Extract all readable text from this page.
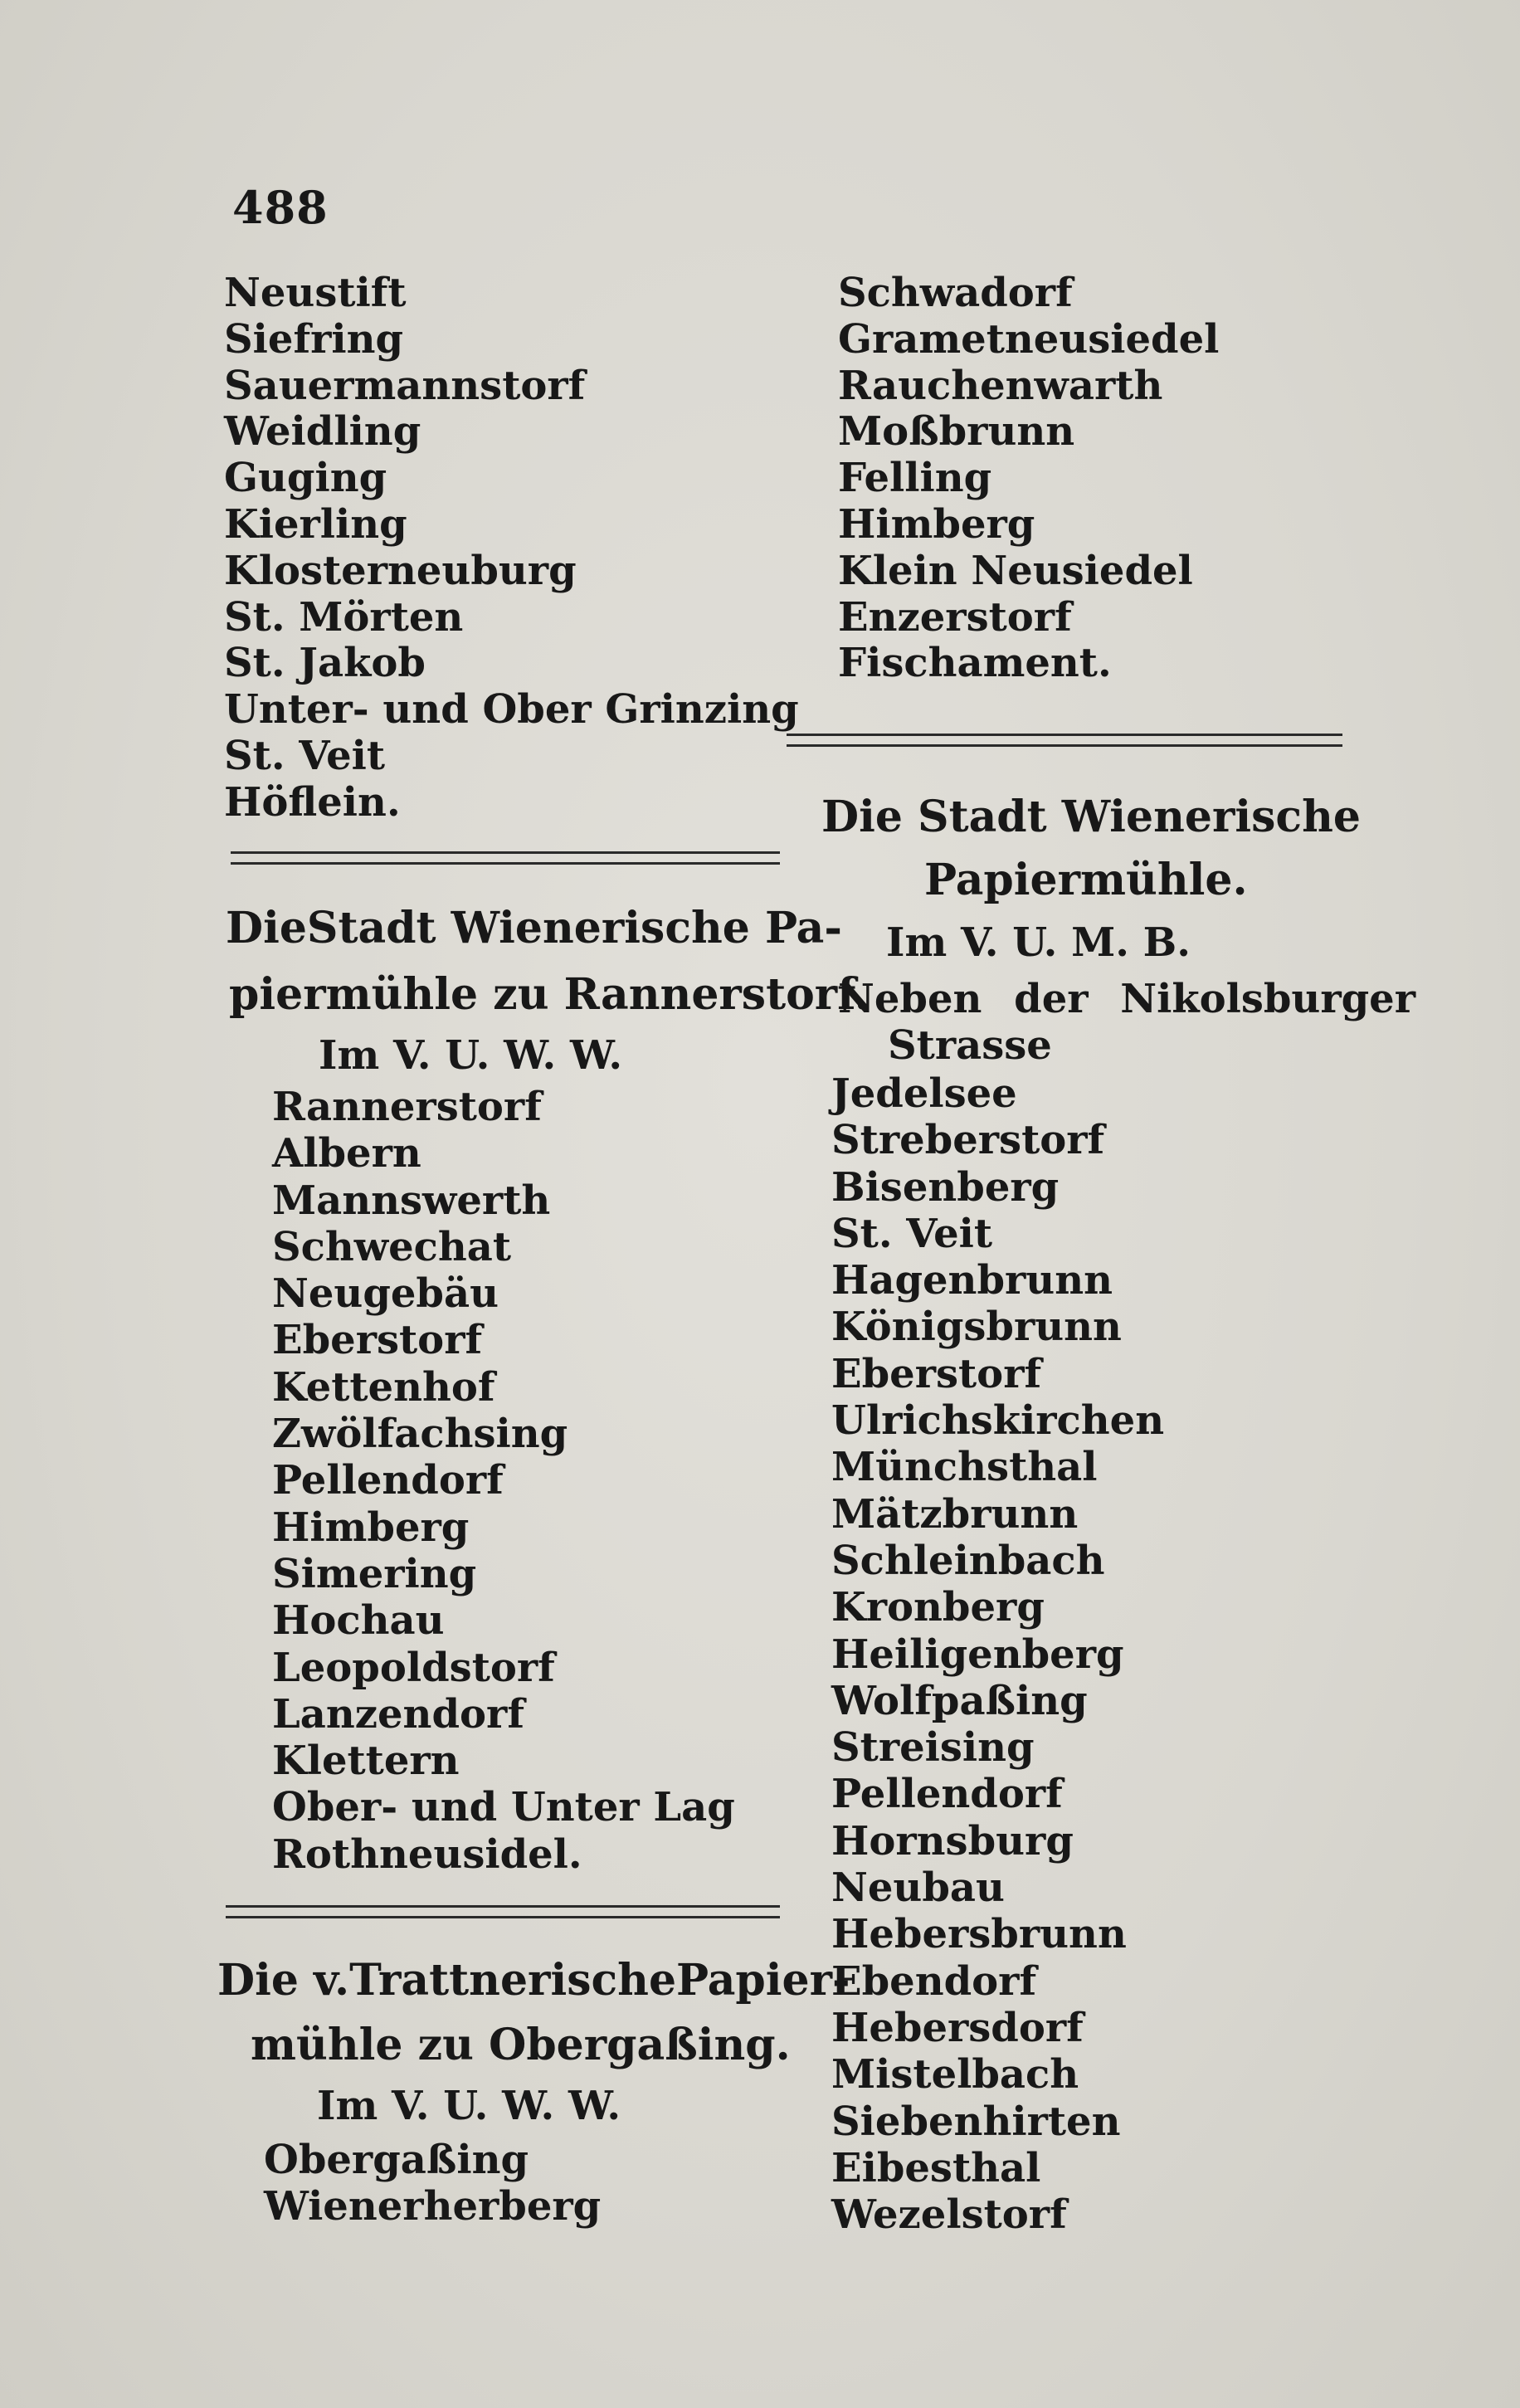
488
Neustift
Siefring
Sauermannstorf
Weidling
Guging
Kierling
Klosterneuburg
St. Mörten
St. Jakob
Unter- und Ober Grinzing
St. Veit
Höflein.
DieStadt Wienerische Pa-
piermühle zu Rannerstorf.
Im V. U. W. W.
Rannerstorf
Albern
Mannswerth
Schwechat
Neugebäu
Eberstorf
Kettenhof
Zwölfachsing
Pellendorf
Himberg
Simering
Hochau
Leopoldstorf
Lanzendorf
Klettern
Ober- und Unter Lag
Rothneusidel.
Die v.TrattnerischePapier-
mühle zu Obergaßing.
Im V. U. W. W.
Obergaßing
Wienerherberg
Schwadorf
Grametneusiedel
Rauchenwarth
Moßbrunn
Felling
Himberg
Klein Neusiedel
Enzerstorf
Fischament.
Die Stadt Wienerische
Papiermühle.
Im V. U. M. B.
Neben der Nikolsburger
Strasse
Jedelsee
Streberstorf
Bisenberg
St. Veit
Hagenbrunn
Königsbrunn
Eberstorf
Ulrichskirchen
Münchsthal
Mätzbrunn
Schleinbach
Kronberg
Heiligenberg
Wolfpaßing
Streising
Pellendorf
Hornsburg
Neubau
Hebersbrunn
Ebendorf
Hebersdorf
Mistelbach
Siebenhirten
Eibesthal
Wezelstorf
